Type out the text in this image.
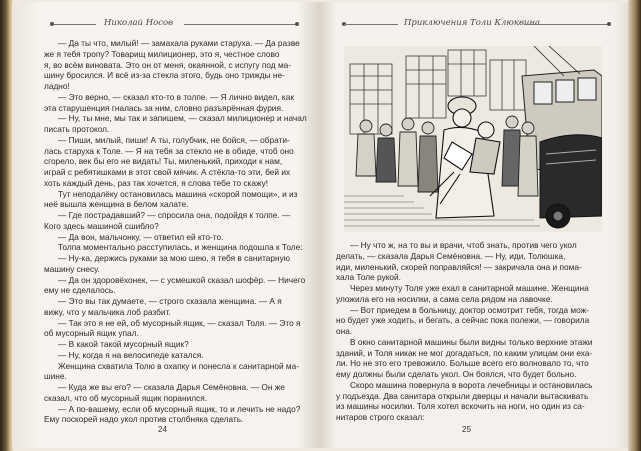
Николай Носов

— Да ты что, милый! — замахала руками старуха. — Да разве

же я тебя тропу? Товарищ милиционер, это я, честное слово

я, во всём виновата. Это он от меня, окаянной, с испугу под ма-

шину бросился. И всё из-за стекла этого, будь оно трижды не-

ладно!

— Это верно, — сказал кто-то в толпе. — Я лично видел, как

эта старушенция гналась за ним, словно разъярённая фурия.

— Ну, ты мне, мы так и запишем, — сказал милиционер и начал

писать протокол.

— Пиши, милый, пиши! А ты, голубчик, не бойся, — обрати-

лась старуха к Толе. — Я на тебя за стекло не в обиде, чтоб оно

сгорело, век бы его не видать! Ты, миленький, приходи к нам,

играй с ребятишками в этот свой мячик. А стёкла-то эти, бей их

хоть каждый день, раз так хочется, я слова тебе то скажу!

Тут неподалёку остановилась машина «скорой помощи», и из

неё вышла женщина в белом халате.

— Где пострадавший? — спросила она, подойдя к толпе. —

Кого здесь машиной сшибло?

— Да вон, мальчонку, — ответил ей кто-то.

Толпа моментально расступилась, и женщина подошла к Толе:

— Ну-ка, держись руками за мою шею, я тебя в санитарную

машину снесу.

— Да он здоровёхонек, — с усмешкой сказал шофёр. — Ничего

ему не сделалось.

— Это вы так думаете, — строго сказала женщина. — А я

вижу, что у мальчика лоб разбит.

— Так это я не ей, об мусорный ящик, — сказал Толя. — Это я

об мусорный ящик упал.

— В какой такой мусорный ящик?

— Ну, когда я на велосипеде катался.

Женщина схватила Толю в охапку и понесла к санитарной ма-

шине.

— Куда же вы его? — сказала Дарья Семёновна. — Он же

сказал, что об мусорный ящик поранился.

— А по-вашему, если об мусорный ящик, то и лечить не надо?

Ему поскорей надо укол против столбняка сделать.

24
Приключения Толи Клюквина

— Ну что ж, на то вы и врачи, чтоб знать, против чего укол

делать, — сказала Дарья Семёновна. — Ну, иди, Толюшка,

иди, миленький, скорей поправляйся! — закричала она и пома-

хала Толе рукой.

Через минуту Толя уже ехал в санитарной машине. Женщина

уложила его на носилки, а сама села рядом на лавочке.

— Вот приедем в больницу, доктор осмотрит тебя, тогда мож-

но будет уже ходить, и бегать, а сейчас пока полежи, — говорила

она.

В окно санитарной машины были видны только верхние этажи

зданий, и Толя никак не мог догадаться, по каким улицам они еха-

ли. Но не это его тревожило. Больше всего его волновало то, что

ему должны были сделать укол. Он боялся, что будет больно.

Скоро машина повернула в ворота лечебницы и остановилась

у подъезда. Два санитара открыли дверцы и начали вытаскивать

из машины носилки. Толя хотел вскочить на ноги, но один из са-

нитаров строго сказал:

25
